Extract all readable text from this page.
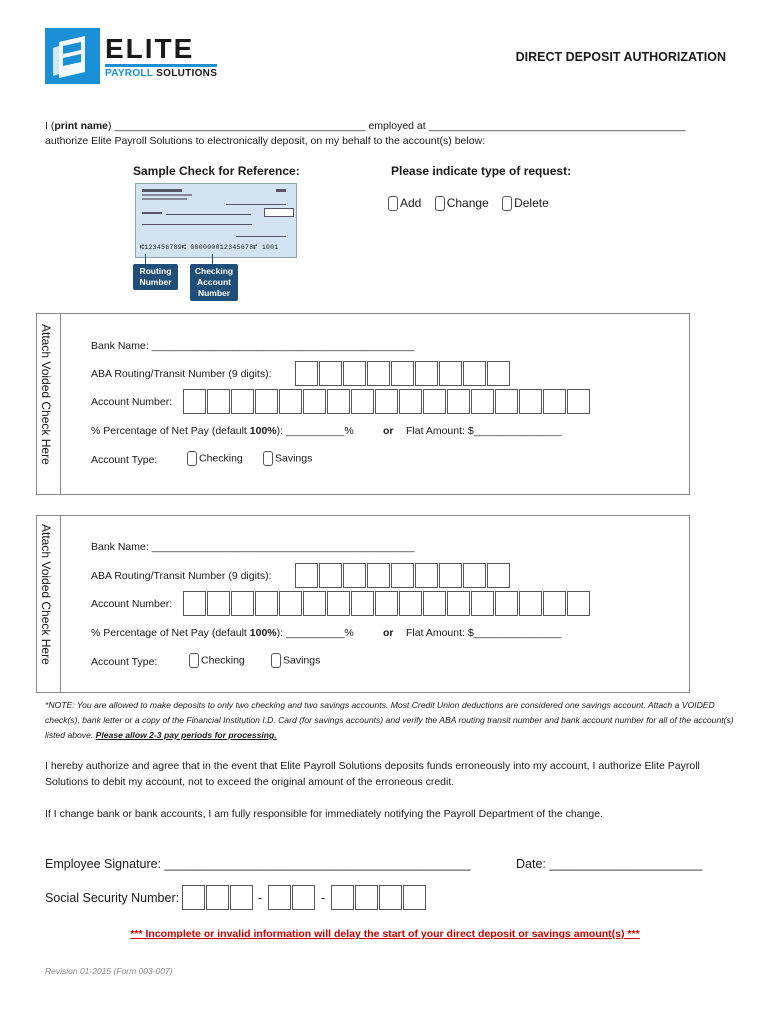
ELITE
PAYROLL SOLUTIONS
DIRECT DEPOSIT AUTHORIZATION
I (print name) ___________________________________________ employed at ____________________________________________
authorize Elite Payroll Solutions to electronically deposit, on my behalf to the account(s) below:
Sample Check for Reference:
⑆123456789⑆ 000000012345678⑈ 1001
Routing Number
Checking Account Number
Please indicate type of request:
Add Change Delete
Attach Voided Check Here	Bank Name: _____________________________________________
ABA Routing/Transit Number (9 digits):
Account Number:
% Percentage of Net Pay (default 100%): __________%	or Flat Amount: $_______________
Account Type:	Checking	Savings
Attach Voided Check Here	Bank Name: _____________________________________________
ABA Routing/Transit Number (9 digits):
Account Number:
% Percentage of Net Pay (default 100%): __________%	or Flat Amount: $_______________
Account Type:	Checking	Savings
*NOTE: You are allowed to make deposits to only two checking and two savings accounts. Most Credit Union deductions are considered one savings account. Attach a VOIDED check(s), bank letter or a copy of the Financial Institution I.D. Card (for savings accounts) and verify the ABA routing transit number and bank account number for all of the account(s) listed above. Please allow 2-3 pay periods for processing.
I hereby authorize and agree that in the event that Elite Payroll Solutions deposits funds erroneously into my account, I authorize Elite Payroll Solutions to debit my account, not to exceed the original amount of the erroneous credit.
If I change bank or bank accounts, I am fully responsible for immediately notifying the Payroll Department of the change.
Employee Signature: ____________________________________________	Date: ______________________
Social Security Number:	-	-
*** Incomplete or invalid information will delay the start of your direct deposit or savings amount(s) ***
Revision 01-2015 (Form 003-007)
